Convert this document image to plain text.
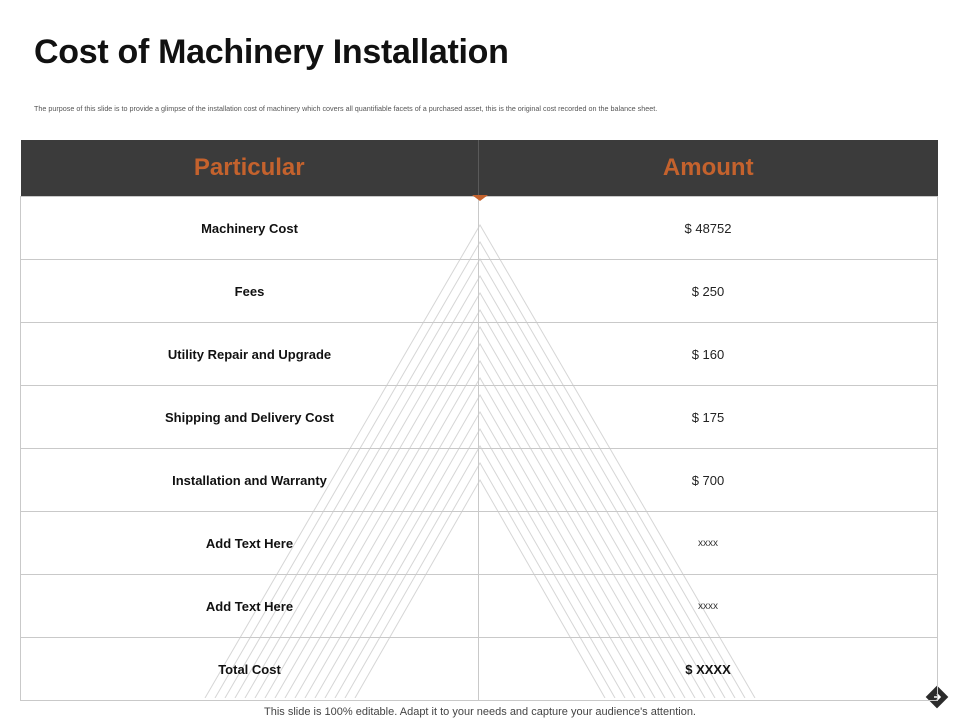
Cost of Machinery Installation
The purpose of this slide is to provide a glimpse of the installation cost of machinery which covers all quantifiable facets of a purchased asset, this is the original cost recorded on the balance sheet.
Particular	Amount
Machinery Cost	$ 48752
Fees	$ 250
Utility Repair and Upgrade	$ 160
Shipping and Delivery Cost	$ 175
Installation and Warranty	$ 700
Add Text Here	xxxx
Add Text Here	xxxx
Total Cost	$ XXXX
This slide is 100% editable. Adapt it to your needs and capture your audience's attention.
